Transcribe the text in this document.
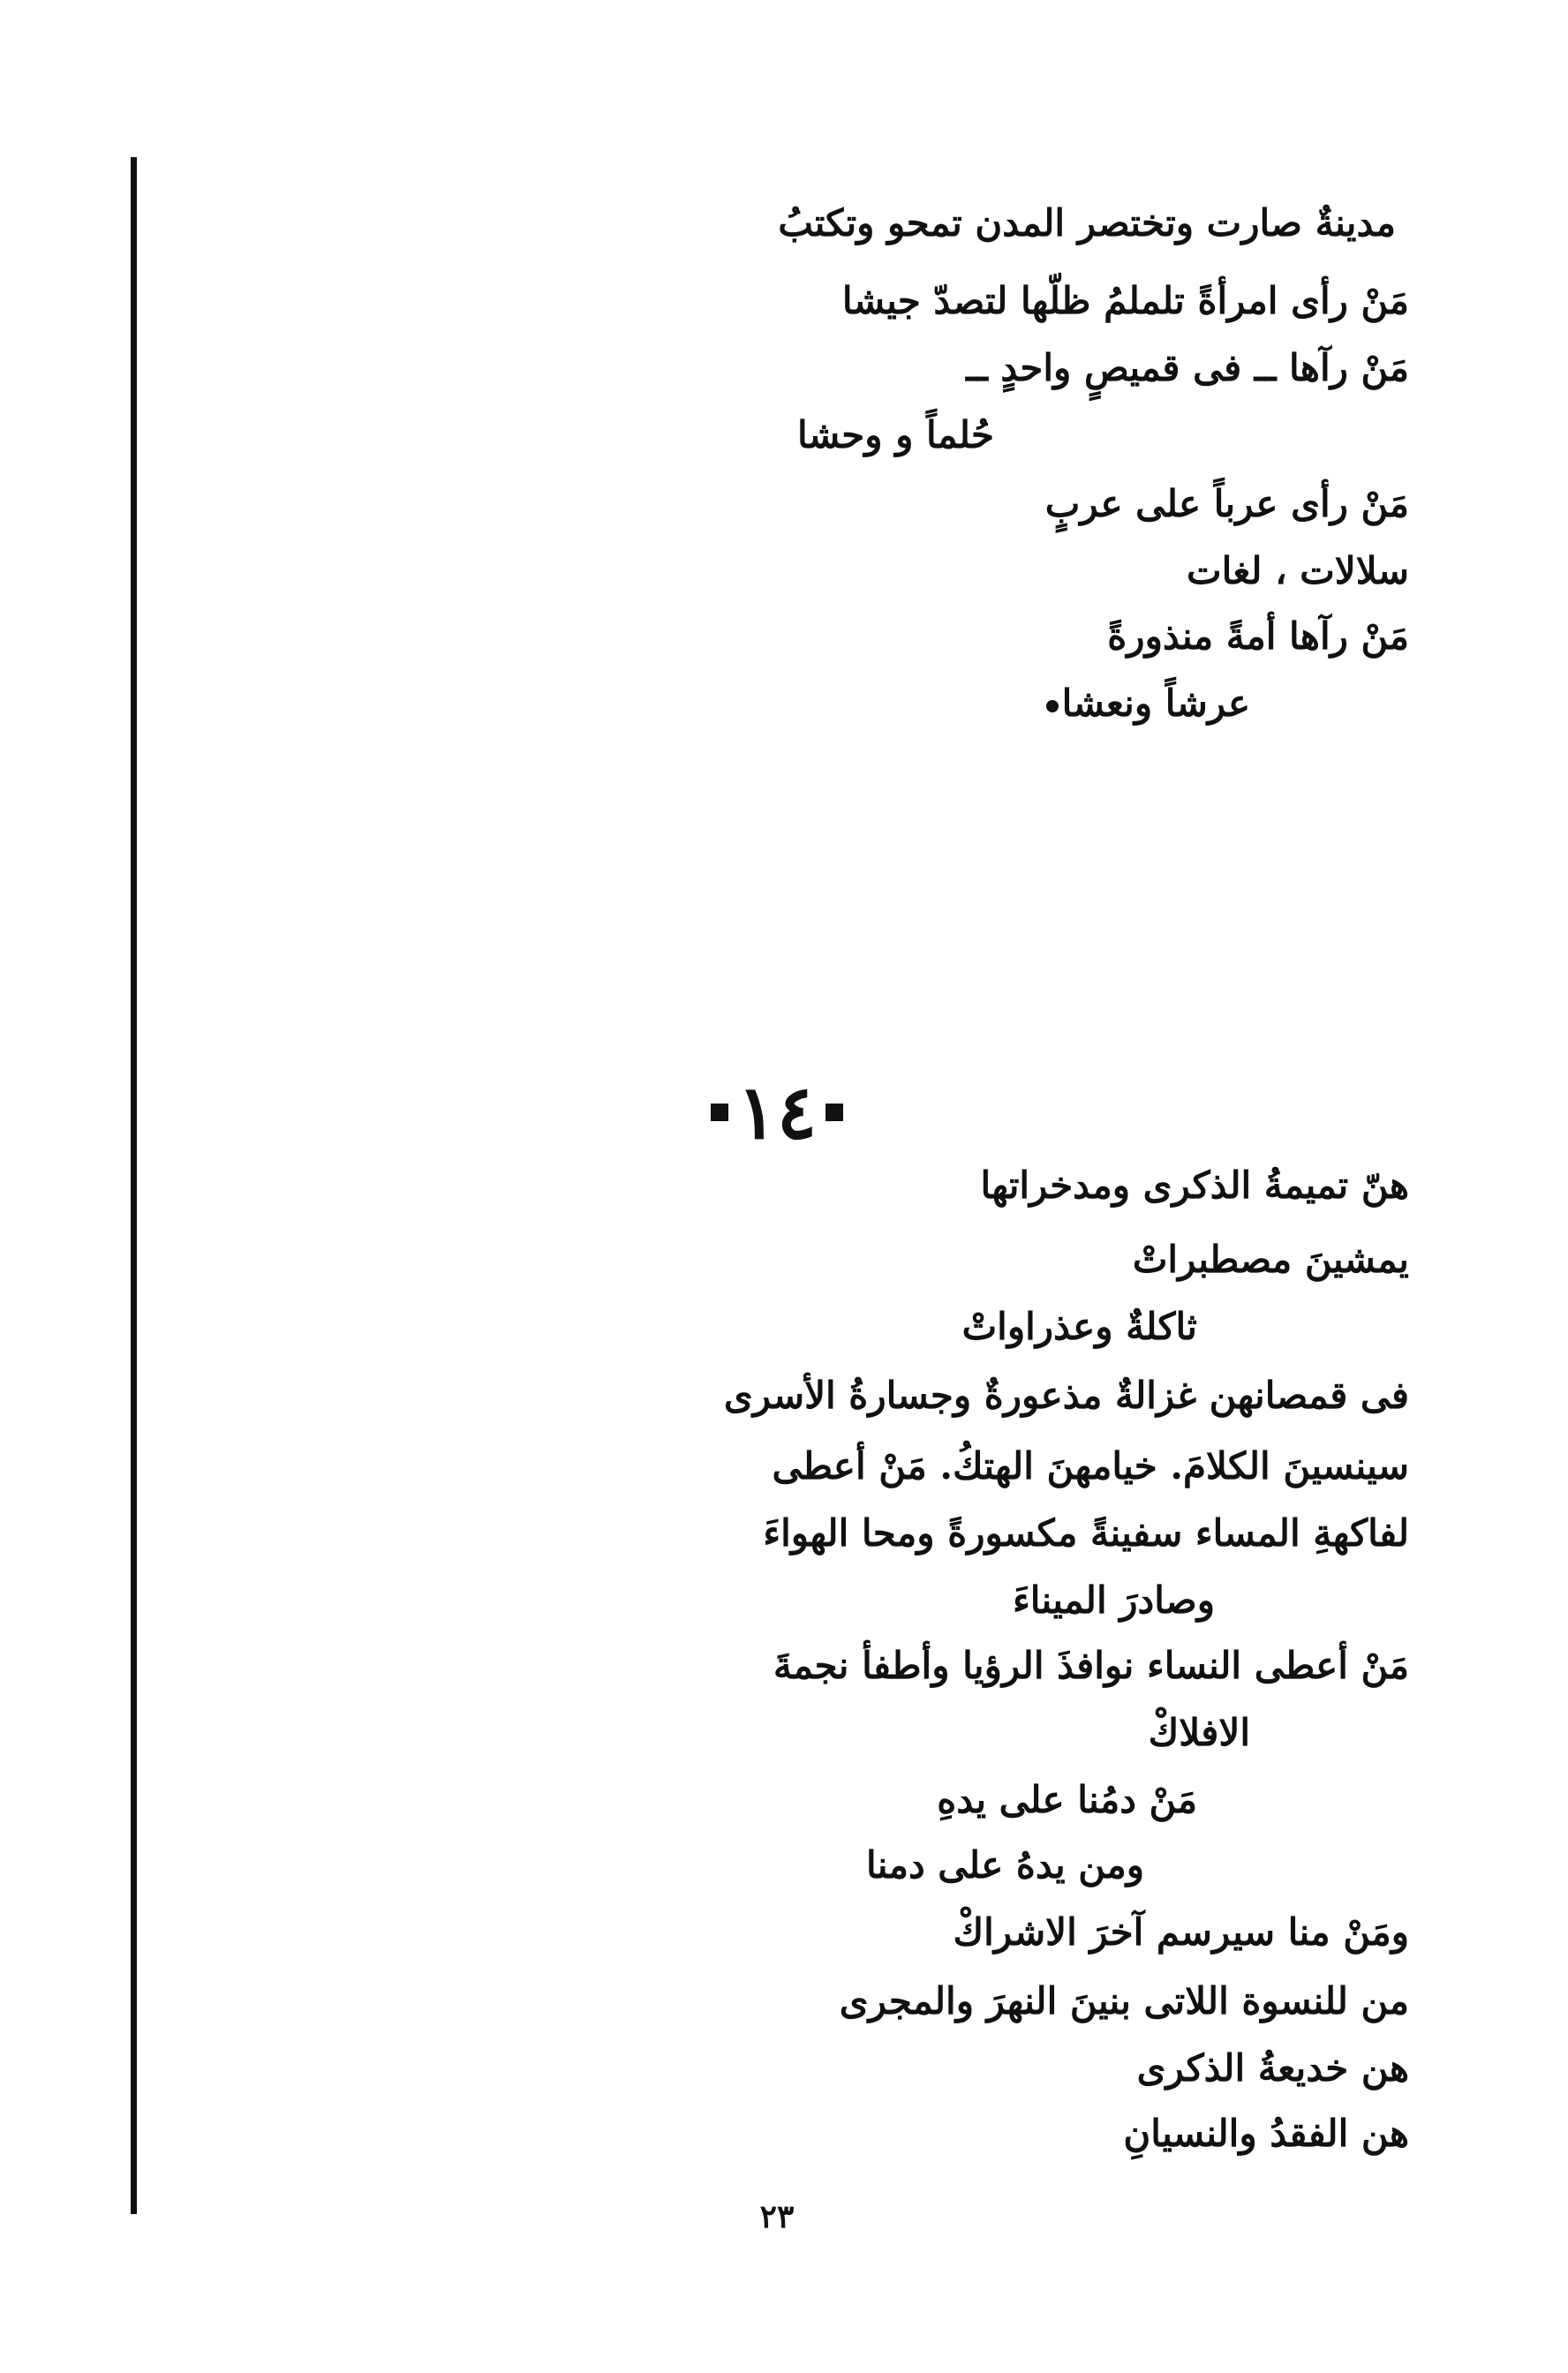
مدينةٌ صارت وتختصر المدن تمحو وتكتبُ
مَنْ رأى امرأةً تلملمُ ظلّها لتصدّ جيشا
مَنْ رآها ــ فى قميصٍ واحدٍ ــ
حُلماً و وحشا
مَنْ رأى عرباً على عربٍ
سلالات ، لغات
مَنْ رآها أمةً منذورةً
عرشاً ونعشا
١٤
هنّ تميمةُ الذكرى ومدخراتها
يمشينَ مصطبراتْ
ثاكلةٌ وعذراواتْ
فى قمصانهن غزالةٌ مذعورةٌ وجسارةُ الأسرى
سينسينَ الكلامَ. خيامهنَ الهتكُ. مَنْ أعطى
لفاكهةِ المساء سفينةً مكسورةً ومحا الهواءَ
وصادرَ الميناءَ
مَنْ أعطى النساء نوافذَ الرؤيا وأطفأ نجمةَ
الافلاكْ
مَنْ دمُنا على يدهِ
ومن يدهُ على دمنا
ومَنْ منا سيرسم آخرَ الاشراكْ
من للنسوة اللاتى بنينَ النهرَ والمجرى
هن خديعةُ الذكرى
هن الفقدُ والنسيانِ
٢٣
